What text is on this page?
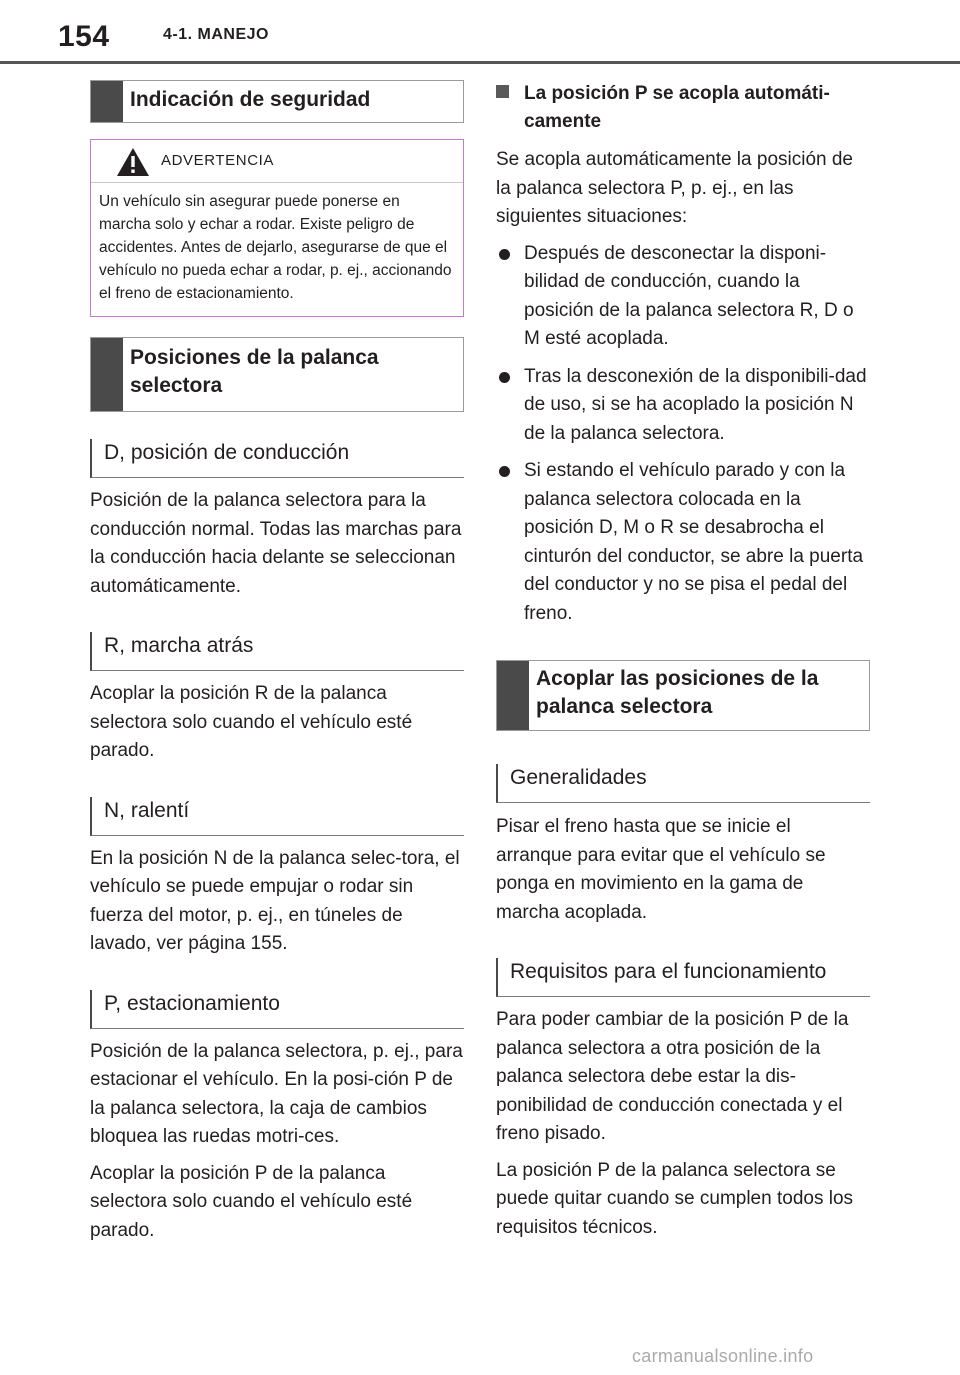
154	4-1. MANEJO
Indicación de seguridad
ADVERTENCIA
Un vehículo sin asegurar puede ponerse en marcha solo y echar a rodar. Existe peligro de accidentes. Antes de dejarlo, asegurarse de que el vehículo no pueda echar a rodar, p. ej., accionando el freno de estacionamiento.
Posiciones de la palanca selectora
D, posición de conducción

Posición de la palanca selectora para la conducción normal. Todas las marchas para la conducción hacia delante se seleccionan automáticamente.

R, marcha atrás

Acoplar la posición R de la palanca selectora solo cuando el vehículo esté parado.

N, ralentí

En la posición N de la palanca selec-tora, el vehículo se puede empujar o rodar sin fuerza del motor, p. ej., en túneles de lavado, ver página 155.

P, estacionamiento

Posición de la palanca selectora, p. ej., para estacionar el vehículo. En la posi-ción P de la palanca selectora, la caja de cambios bloquea las ruedas motri-ces.

Acoplar la posición P de la palanca selectora solo cuando el vehículo esté parado.

La posición P se acopla automáti-camente

Se acopla automáticamente la posición de la palanca selectora P, p. ej., en las siguientes situaciones:

Después de desconectar la disponi-bilidad de conducción, cuando la posición de la palanca selectora R, D o M esté acoplada.
Tras la desconexión de la disponibili-dad de uso, si se ha acoplado la posición N de la palanca selectora.
Si estando el vehículo parado y con la palanca selectora colocada en la posición D, M o R se desabrocha el cinturón del conductor, se abre la puerta del conductor y no se pisa el pedal del freno.
Acoplar las posiciones de la palanca selectora
Generalidades

Pisar el freno hasta que se inicie el arranque para evitar que el vehículo se ponga en movimiento en la gama de marcha acoplada.

Requisitos para el funcionamiento

Para poder cambiar de la posición P de la palanca selectora a otra posición de la palanca selectora debe estar la dis-ponibilidad de conducción conectada y el freno pisado.

La posición P de la palanca selectora se puede quitar cuando se cumplen todos los requisitos técnicos.

carmanualsonline.info
